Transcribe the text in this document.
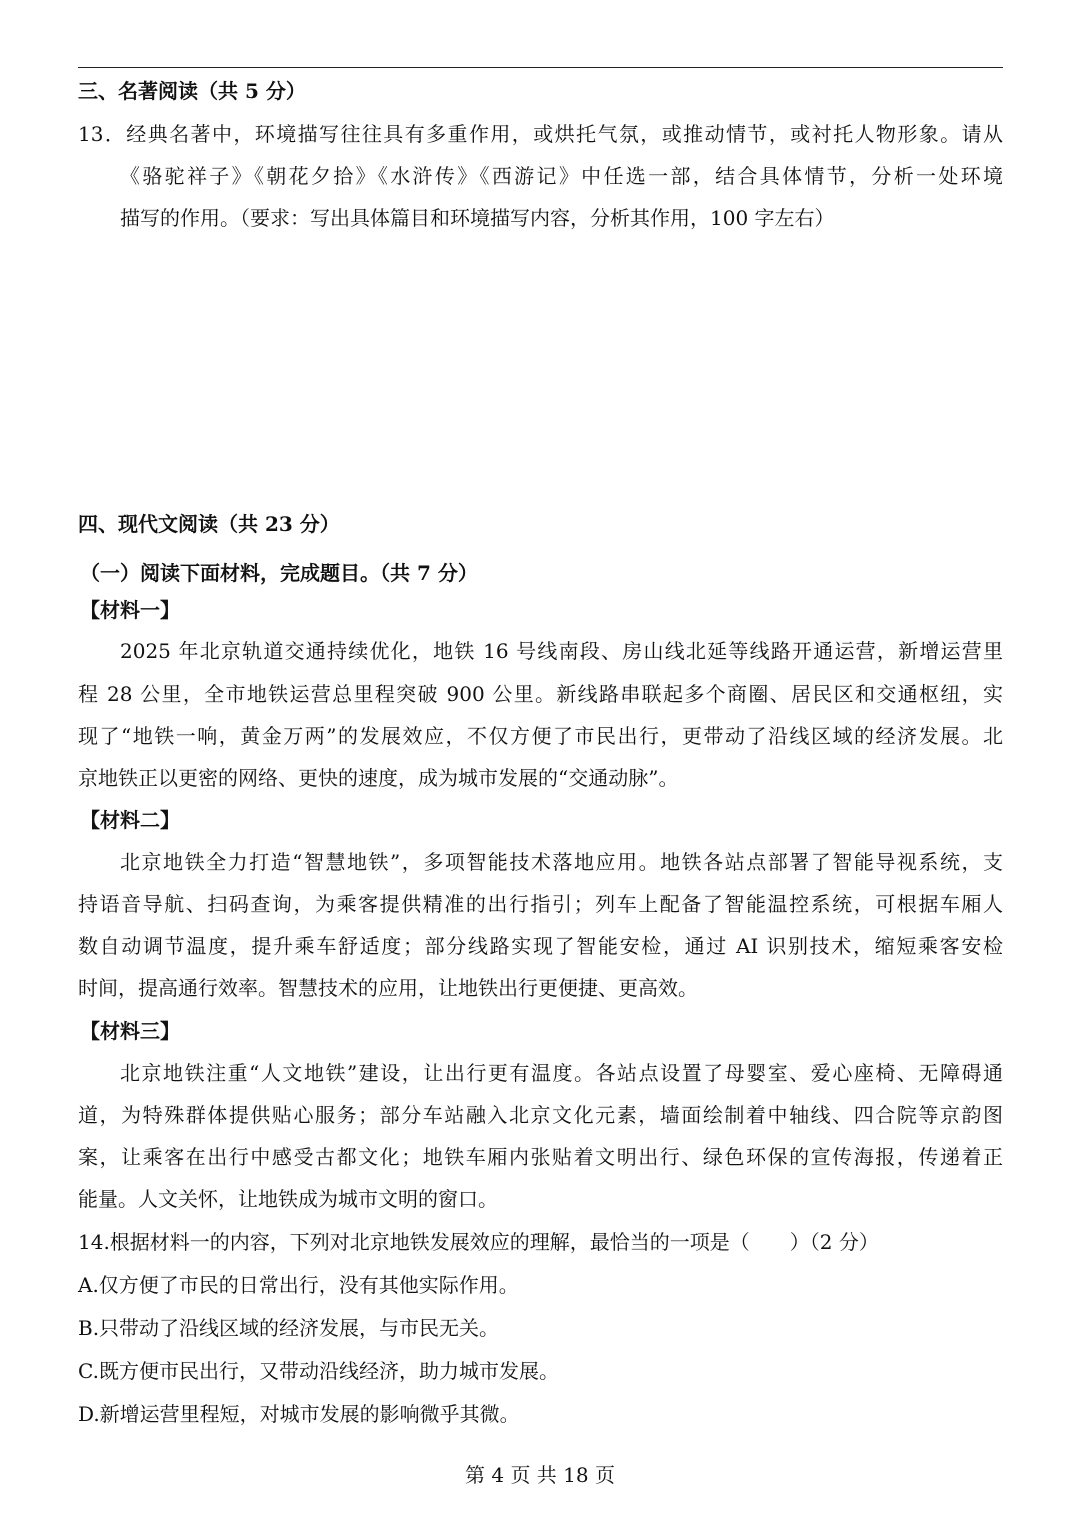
三、名著阅读（共 5 分）
13．经典名著中，环境描写往往具有多重作用，或烘托气氛，或推动情节，或衬托人物形象。请从
《骆驼祥子》《朝花夕拾》《水浒传》《西游记》中任选一部，结合具体情节，分析一处环境
描写的作用。（要求：写出具体篇目和环境描写内容，分析其作用，100 字左右）
四、现代文阅读（共 23 分）
（一）阅读下面材料，完成题目。（共 7 分）
【材料一】
2025 年北京轨道交通持续优化，地铁 16 号线南段、房山线北延等线路开通运营，新增运营里
程 28 公里，全市地铁运营总里程突破 900 公里。新线路串联起多个商圈、居民区和交通枢纽，实
现了“地铁一响，黄金万两”的发展效应，不仅方便了市民出行，更带动了沿线区域的经济发展。北
京地铁正以更密的网络、更快的速度，成为城市发展的“交通动脉”。
【材料二】
北京地铁全力打造“智慧地铁”，多项智能技术落地应用。地铁各站点部署了智能导视系统，支
持语音导航、扫码查询，为乘客提供精准的出行指引；列车上配备了智能温控系统，可根据车厢人
数自动调节温度，提升乘车舒适度；部分线路实现了智能安检，通过 AI 识别技术，缩短乘客安检
时间，提高通行效率。智慧技术的应用，让地铁出行更便捷、更高效。
【材料三】
北京地铁注重“人文地铁”建设，让出行更有温度。各站点设置了母婴室、爱心座椅、无障碍通
道，为特殊群体提供贴心服务；部分车站融入北京文化元素，墙面绘制着中轴线、四合院等京韵图
案，让乘客在出行中感受古都文化；地铁车厢内张贴着文明出行、绿色环保的宣传海报，传递着正
能量。人文关怀，让地铁成为城市文明的窗口。
14.根据材料一的内容，下列对北京地铁发展效应的理解，最恰当的一项是（　　）（2 分）
A.仅方便了市民的日常出行，没有其他实际作用。
B.只带动了沿线区域的经济发展，与市民无关。
C.既方便市民出行，又带动沿线经济，助力城市发展。
D.新增运营里程短，对城市发展的影响微乎其微。
第 4 页 共 18 页
